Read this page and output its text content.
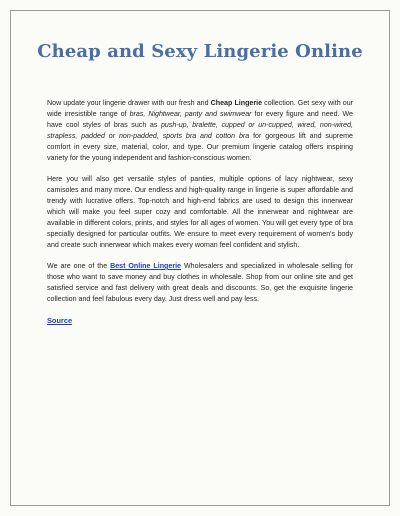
Cheap and Sexy Lingerie Online

Now update your lingerie drawer with our fresh and Cheap Lingerie collection. Get sexy with our wide irresistible range of bras, Nightwear, panty and swimwear for every figure and need. We have cool styles of bras such as push-up, bralette, cupped or un-cupped, wired, non-wired, strapless, padded or non-padded, sports bra and cotton bra for gorgeous lift and supreme comfort in every size, material, color, and type. Our premium lingerie catalog offers inspiring variety for the young independent and fashion-conscious women.

Here you will also get versatile styles of panties, multiple options of lacy nightwear, sexy camisoles and many more. Our endless and high-quality range in lingerie is super affordable and trendy with lucrative offers. Top-notch and high-end fabrics are used to design this innerwear which will make you feel super cozy and comfortable. All the innerwear and nightwear are available in different colors, prints, and styles for all ages of women. You will get every type of bra specially designed for particular outfits. We ensure to meet every requirement of women's body and create such innerwear which makes every woman feel confident and stylish.

We are one of the Best Online Lingerie Wholesalers and specialized in wholesale selling for those who want to save money and buy clothes in wholesale. Shop from our online site and get satisfied service and fast delivery with great deals and discounts. So, get the exquisite lingerie collection and feel fabulous every day. Just dress well and pay less.

Source
